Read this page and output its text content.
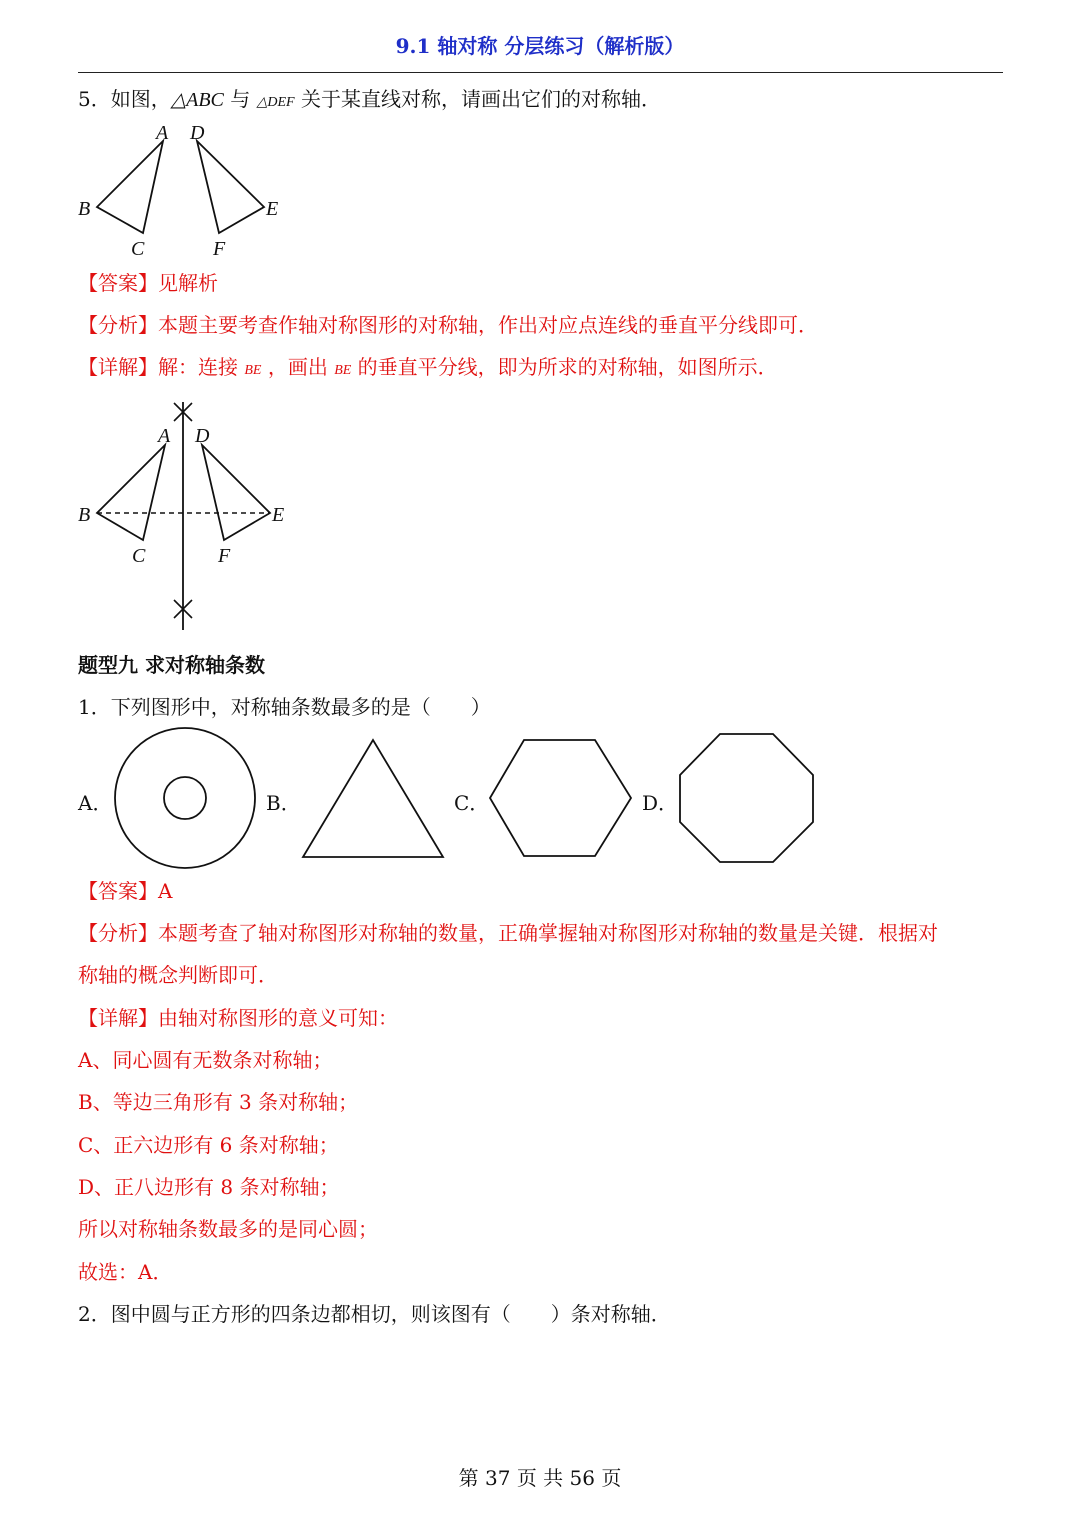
9.1 轴对称 分层练习（解析版）
5．如图，△ABC 与 △DEF 关于某直线对称，请画出它们的对称轴．
A D
B	E
C	F
【答案】见解析
【分析】本题主要考查作轴对称图形的对称轴，作出对应点连线的垂直平分线即可．
【详解】解：连接 BE ，画出 BE 的垂直平分线，即为所求的对称轴，如图所示．
A D
B	E
C	F
题型九 求对称轴条数
1．下列图形中，对称轴条数最多的是（　　）
A．	B．	C．	D．
【答案】A
【分析】本题考查了轴对称图形对称轴的数量，正确掌握轴对称图形对称轴的数量是关键．根据对
称轴的概念判断即可．
【详解】由轴对称图形的意义可知：
A、同心圆有无数条对称轴；
B、等边三角形有 3 条对称轴；
C、正六边形有 6 条对称轴；
D、正八边形有 8 条对称轴；
所以对称轴条数最多的是同心圆；
故选：A．
2．图中圆与正方形的四条边都相切，则该图有（　　）条对称轴．
第 37 页 共 56 页
